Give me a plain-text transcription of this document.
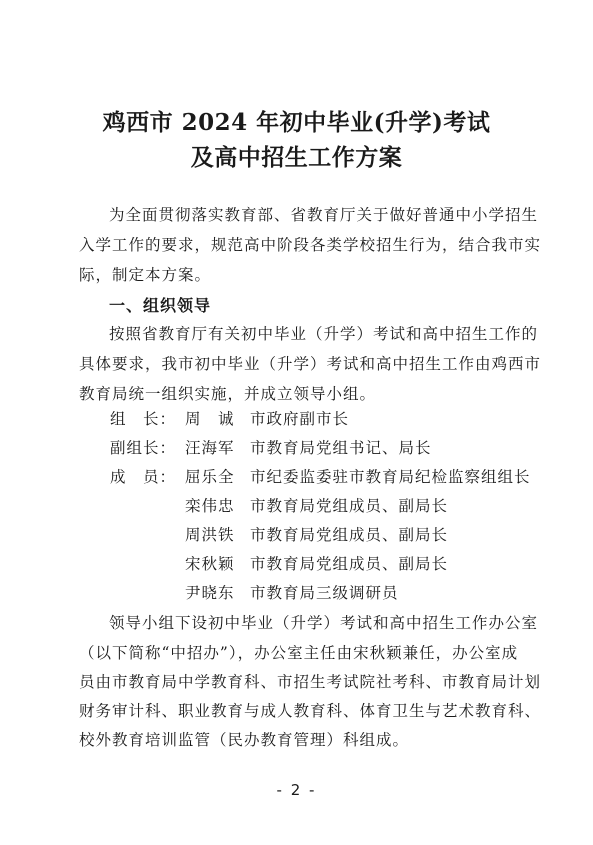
鸡西市 2024 年初中毕业(升学)考试
及高中招生工作方案
为全面贯彻落实教育部、省教育厅关于做好普通中小学招生
入学工作的要求，规范高中阶段各类学校招生行为，结合我市实
际，制定本方案。
一、组织领导
按照省教育厅有关初中毕业（升学）考试和高中招生工作的
具体要求，我市初中毕业（升学）考试和高中招生工作由鸡西市
教育局统一组织实施，并成立领导小组。
组　长： 周　诚 市政府副市长
副组长： 汪海军 市教育局党组书记、局长
成　员： 屈乐全 市纪委监委驻市教育局纪检监察组组长
栾伟忠 市教育局党组成员、副局长
周洪铁 市教育局党组成员、副局长
宋秋颖 市教育局党组成员、副局长
尹晓东 市教育局三级调研员
领导小组下设初中毕业（升学）考试和高中招生工作办公室
（以下简称“中招办”），办公室主任由宋秋颖兼任，办公室成
员由市教育局中学教育科、市招生考试院社考科、市教育局计划
财务审计科、职业教育与成人教育科、体育卫生与艺术教育科、
校外教育培训监管（民办教育管理）科组成。
- 2 -
